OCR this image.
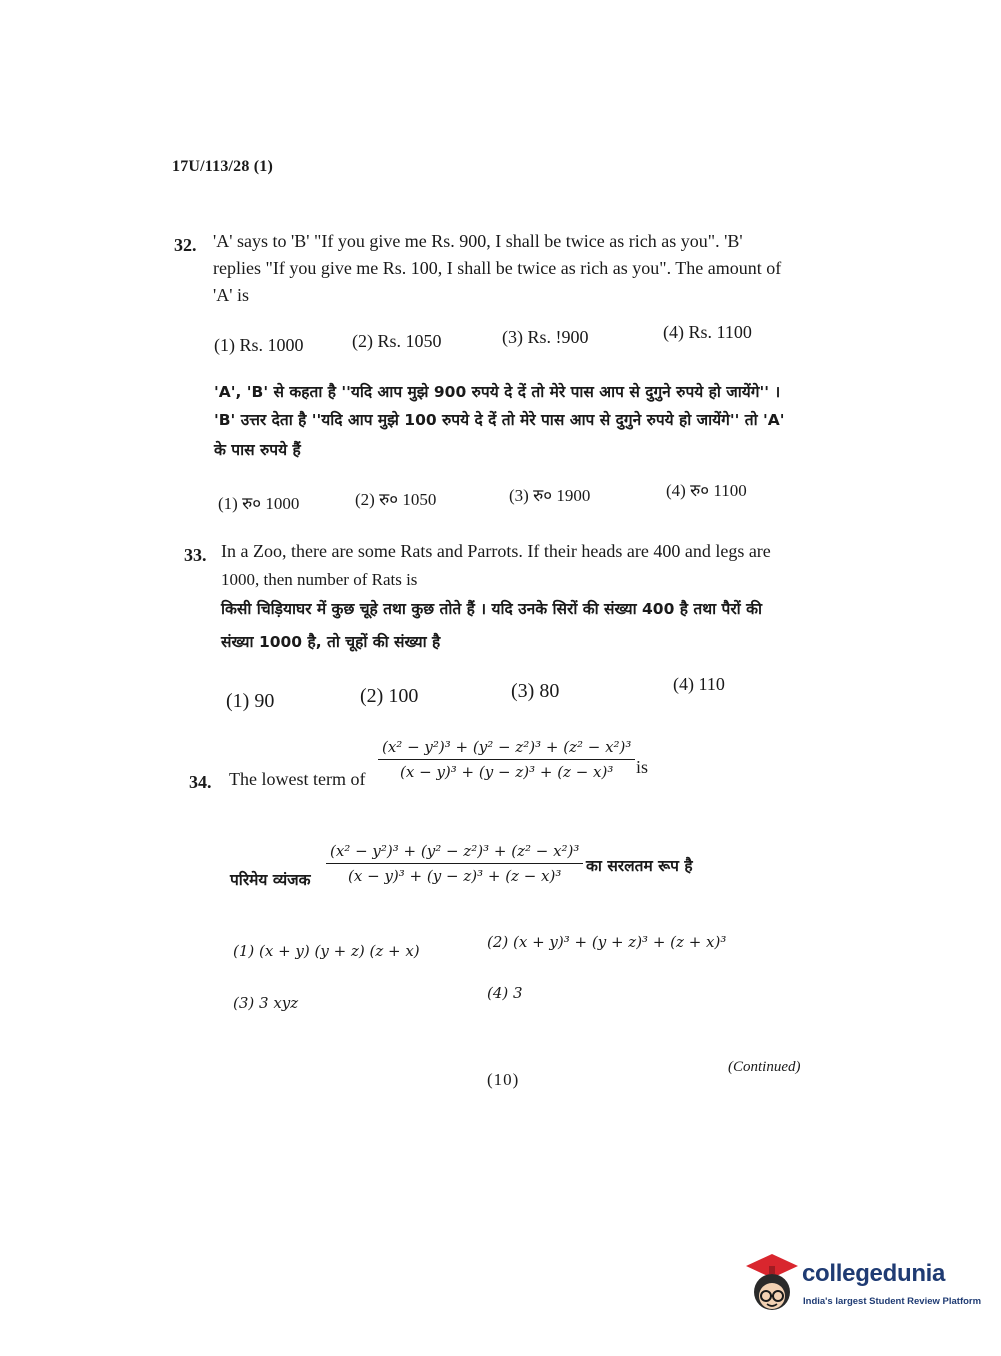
17U/113/28 (1)
32. 'A' says to 'B' "If you give me Rs. 900, I shall be twice as rich as you". 'B'
replies "If you give me Rs. 100, I shall be twice as rich as you". The amount of
'A' is
(1) Rs. 1000	(2) Rs. 1050	(3) Rs. !900	(4) Rs. 1100
'A', 'B' से कहता है ''यदि आप मुझे 900 रुपये दे दें तो मेरे पास आप से दुगुने रुपये हो जायेंगे'' ।
'B' उत्तर देता है ''यदि आप मुझे 100 रुपये दे दें तो मेरे पास आप से दुगुने रुपये हो जायेंगे'' तो 'A'
के पास रुपये हैं
(1) रु० 1000	(2) रु० 1050	(3) रु० 1900	(4) रु० 1100
33. In a Zoo, there are some Rats and Parrots. If their heads are 400 and legs are
1000, then number of Rats is
किसी चिड़ियाघर में कुछ चूहे तथा कुछ तोते हैं । यदि उनके सिरों की संख्या 400 है तथा पैरों की
संख्या 1000 है, तो चूहों की संख्या है
(1) 90	(2) 100	(3) 80	(4) 110
34. The lowest term of $\frac{\text{(x² − y²)³ + (y² − z²)³ + (z² − x²)³}}{\text{(x − y)³ + (y − z)³ + (z − x)³}}$ is
परिमेय व्यंजक $\frac{\text{(x² − y²)³ + (y² − z²)³ + (z² − x²)³}}{\text{(x − y)³ + (y − z)³ + (z − x)³}}$ का सरलतम रूप है
(1) (x + y) (y + z) (z + x)	(2) (x + y)³ + (y + z)³ + (z + x)³
(3) 3 xyz
(4) 3
(10)
(Continued)
collegedunia
India's largest Student Review Platform
